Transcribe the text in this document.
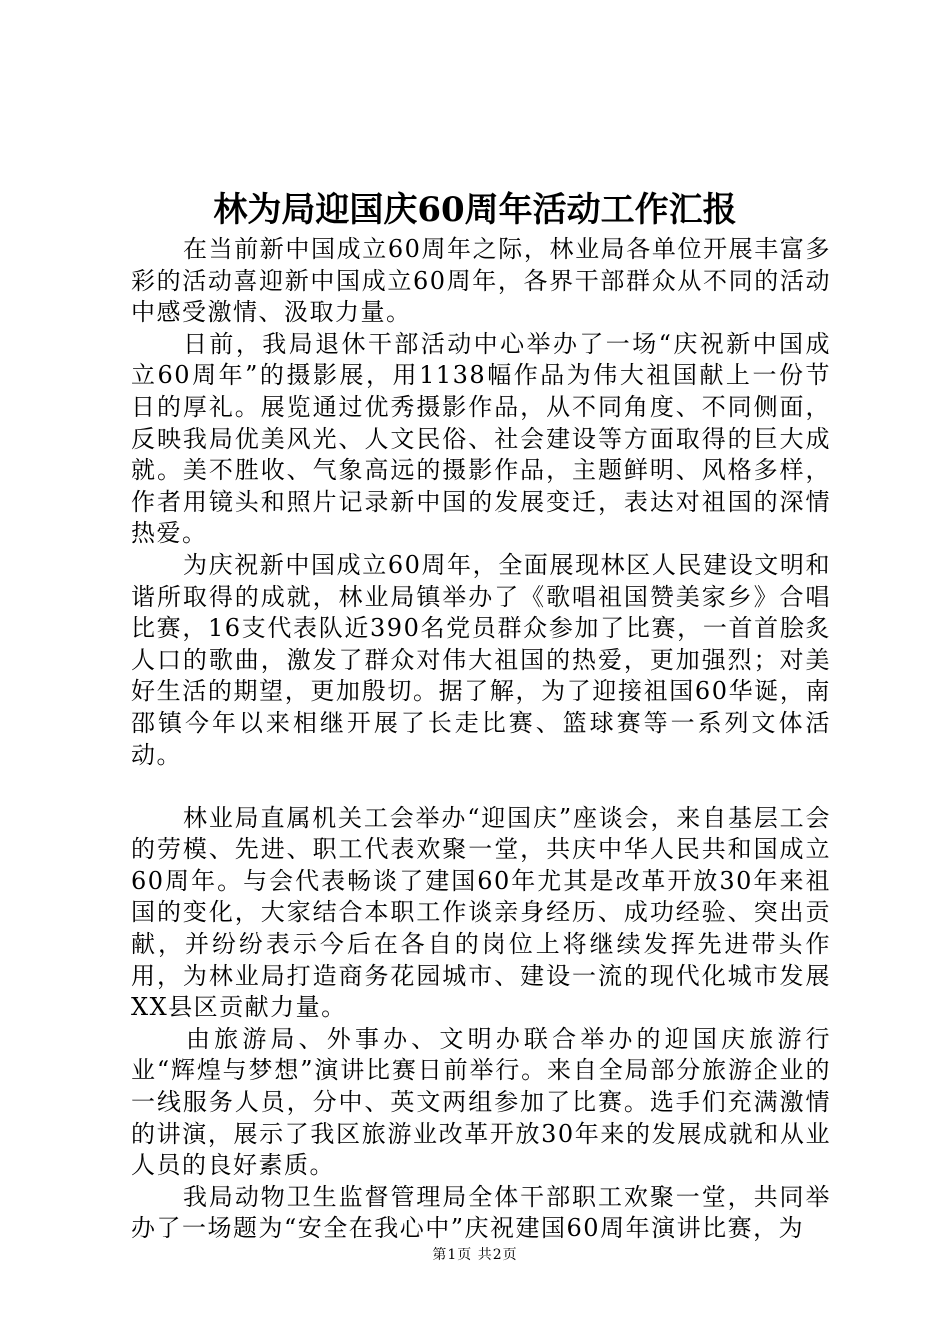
林为局迎国庆60周年活动工作汇报

在当前新中国成立60周年之际，林业局各单位开展丰富多彩的活动喜迎新中国成立60周年，各界干部群众从不同的活动中感受激情、汲取力量。

日前，我局退休干部活动中心举办了一场“庆祝新中国成立60周年”的摄影展，用1138幅作品为伟大祖国献上一份节日的厚礼。展览通过优秀摄影作品，从不同角度、不同侧面，反映我局优美风光、人文民俗、社会建设等方面取得的巨大成就。美不胜收、气象高远的摄影作品，主题鲜明、风格多样，作者用镜头和照片记录新中国的发展变迁，表达对祖国的深情热爱。

为庆祝新中国成立60周年，全面展现林区人民建设文明和谐所取得的成就，林业局镇举办了《歌唱祖国赞美家乡》合唱比赛，16支代表队近390名党员群众参加了比赛，一首首脍炙人口的歌曲，激发了群众对伟大祖国的热爱，更加强烈；对美好生活的期望，更加殷切。据了解，为了迎接祖国60华诞，南邵镇今年以来相继开展了长走比赛、篮球赛等一系列文体活动。

林业局直属机关工会举办“迎国庆”座谈会，来自基层工会的劳模、先进、职工代表欢聚一堂，共庆中华人民共和国成立60周年。与会代表畅谈了建国60年尤其是改革开放30年来祖国的变化，大家结合本职工作谈亲身经历、成功经验、突出贡献，并纷纷表示今后在各自的岗位上将继续发挥先进带头作用，为林业局打造商务花园城市、建设一流的现代化城市发展XX县区贡献力量。

由旅游局、外事办、文明办联合举办的迎国庆旅游行业“辉煌与梦想”演讲比赛日前举行。来自全局部分旅游企业的一线服务人员，分中、英文两组参加了比赛。选手们充满激情的讲演，展示了我区旅游业改革开放30年来的发展成就和从业人员的良好素质。

我局动物卫生监督管理局全体干部职工欢聚一堂，共同举办了一场题为“安全在我心中”庆祝建国60周年演讲比赛，为

第1页 共2页
